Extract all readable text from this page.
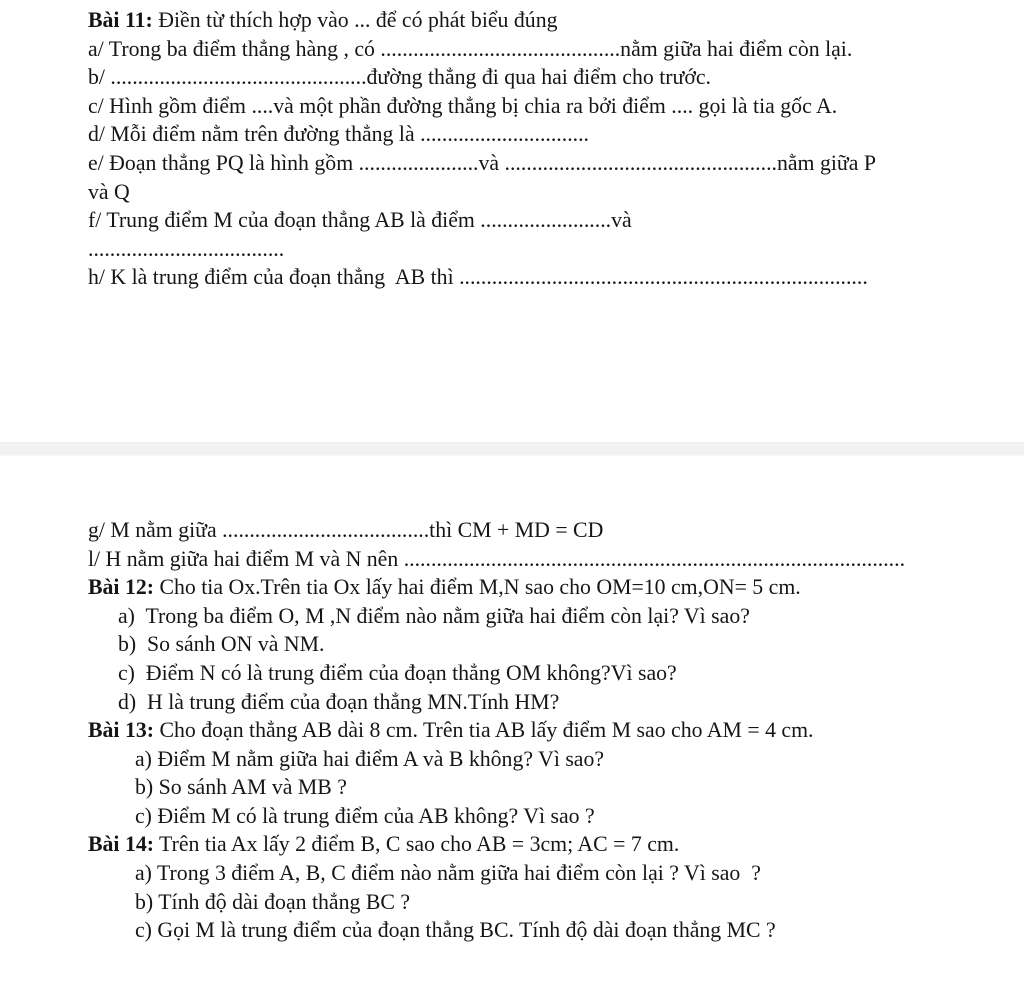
Bài 11: Điền từ thích hợp vào ... để có phát biểu đúng

a/ Trong ba điểm thẳng hàng , có ............................................nằm giữa hai điểm còn lại.

b/ ...............................................đường thẳng đi qua hai điểm cho trước.

c/ Hình gồm điểm ....và một phần đường thẳng bị chia ra bởi điểm .... gọi là tia gốc A.

d/ Mỗi điểm nằm trên đường thẳng là ...............................

e/ Đoạn thẳng PQ là hình gồm ......................và ..................................................nằm giữa P

và Q

f/ Trung điểm M của đoạn thẳng AB là điểm ........................và

....................................

h/ K là trung điểm của đoạn thẳng  AB thì ...........................................................................

g/ M nằm giữa ......................................thì CM + MD = CD

l/ H nằm giữa hai điểm M và N nên ............................................................................................

Bài 12: Cho tia Ox.Trên tia Ox lấy hai điểm M,N sao cho OM=10 cm,ON= 5 cm.

a)  Trong ba điểm O, M ,N điểm nào nằm giữa hai điểm còn lại? Vì sao?

b)  So sánh ON và NM.

c)  Điểm N có là trung điểm của đoạn thẳng OM không?Vì sao?

d)  H là trung điểm của đoạn thẳng MN.Tính HM?

Bài 13: Cho đoạn thẳng AB dài 8 cm. Trên tia AB lấy điểm M sao cho AM = 4 cm.

a) Điểm M nằm giữa hai điểm A và B không? Vì sao?

b) So sánh AM và MB ?

c) Điểm M có là trung điểm của AB không? Vì sao ?

Bài 14: Trên tia Ax lấy 2 điểm B, C sao cho AB = 3cm; AC = 7 cm.

a) Trong 3 điểm A, B, C điểm nào nằm giữa hai điểm còn lại ? Vì sao  ?

b) Tính độ dài đoạn thẳng BC ?

c) Gọi M là trung điểm của đoạn thẳng BC. Tính độ dài đoạn thẳng MC ?
